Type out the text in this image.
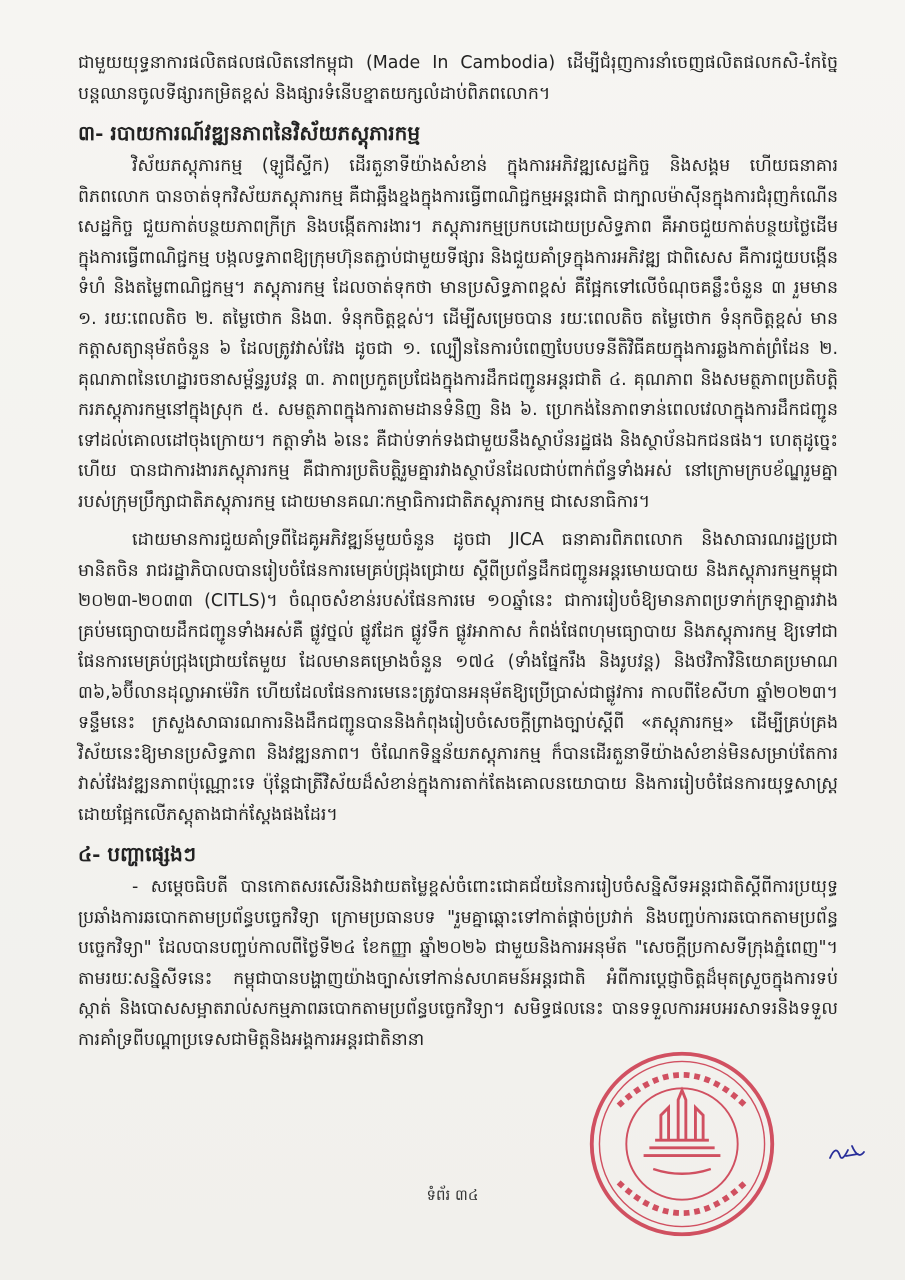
ជាមួយយុទ្ធនាការផលិតផលផលិតនៅកម្ពុជា (Made In Cambodia) ដើម្បីជំរុញការនាំចេញផលិតផលកសិ-កែច្នៃ បន្តឈានចូលទីផ្សារកម្រិតខ្ពស់ និងផ្សារទំនើបខ្នាតយក្សលំដាប់ពិភពលោក។

៣- របាយការណ៍វឌ្ឍនភាពនៃវិស័យភស្តុភារកម្ម

វិស័យភស្តុភារកម្ម (ឡូជីស្ទីក) ដើរតួនាទីយ៉ាងសំខាន់ ក្នុងការអភិវឌ្ឍសេដ្ឋកិច្ច និងសង្គម ហើយធនាគារពិភពលោក បានចាត់ទុកវិស័យភស្តុភារកម្ម គឺជាឆ្អឹងខ្នងក្នុងការធ្វើពាណិជ្ជកម្មអន្តរជាតិ ជាក្បាលម៉ាស៊ីនក្នុងការជំរុញកំណើនសេដ្ឋកិច្ច ជួយកាត់បន្ថយភាពក្រីក្រ និងបង្កើតការងារ។ ភស្តុភារកម្មប្រកបដោយប្រសិទ្ធភាព គឺអាចជួយកាត់បន្ថយថ្លៃដើមក្នុងការធ្វើពាណិជ្ជកម្ម បង្កលទ្ធភាពឱ្យក្រុមហ៊ុនតភ្ជាប់ជាមួយទីផ្សារ និងជួយគាំទ្រក្នុងការអភិវឌ្ឍ ជាពិសេស គឺការជួយបង្កើនទំហំ និងតម្លៃពាណិជ្ជកម្ម។ ភស្តុភារកម្ម ដែលចាត់ទុកថា មានប្រសិទ្ធភាពខ្ពស់ គឺផ្អែកទៅលើចំណុចគន្លឹះចំនួន ៣ រួមមាន ១. រយៈពេលតិច ២. តម្លៃថោក និង៣. ទំនុកចិត្តខ្ពស់។ ដើម្បីសម្រេចបាន រយៈពេលតិច តម្លៃថោក ទំនុកចិត្តខ្ពស់ មានកត្តាសត្យានុម័តចំនួន ៦ ដែលត្រូវវាស់វែង ដូចជា ១. ល្បឿននៃការបំពេញបែបបទនីតិវិធីគយក្នុងការឆ្លងកាត់ព្រំដែន ២. គុណភាពនៃហេដ្ឋារចនាសម្ព័ន្ធរូបវន្ត ៣. ភាពប្រកួតប្រជែងក្នុងការដឹកជញ្ជូនអន្តរជាតិ ៤. គុណភាព និងសមត្ថភាពប្រតិបត្តិករភស្តុភារកម្មនៅក្នុងស្រុក ៥. សមត្ថភាពក្នុងការតាមដានទំនិញ និង ៦. ហ្រេកង់នៃភាពទាន់ពេលវេលាក្នុងការដឹកជញ្ជូនទៅដល់គោលដៅចុងក្រោយ។ កត្តាទាំង ៦នេះ គឺជាប់ទាក់ទងជាមួយនឹងស្ថាប័នរដ្ឋផង និងស្ថាប័នឯកជនផង។ ហេតុដូច្នេះហើយ បានជាការងារភស្តុភារកម្ម គឺជាការប្រតិបត្តិរួមគ្នារវាងស្ថាប័នដែលជាប់ពាក់ព័ន្ធទាំងអស់ នៅក្រោមក្របខ័ណ្ឌរួមគ្នា របស់ក្រុមប្រឹក្សាជាតិភស្តុភារកម្ម ដោយមានគណៈកម្មាធិការជាតិភស្តុភារកម្ម ជាសេនាធិការ។

ដោយមានការជួយគាំទ្រពីដៃគូអភិវឌ្ឍន៍មួយចំនួន ដូចជា JICA ធនាគារពិភពលោក និងសាធារណរដ្ឋប្រជាមានិតចិន រាជរដ្ឋាភិបាលបានរៀបចំផែនការមេគ្រប់ជ្រុងជ្រោយ ស្តីពីប្រព័ន្ធដឹកជញ្ជូនអន្តរមោឃបាយ និងភស្តុភារកម្មកម្ពុជា ២០២៣-២០៣៣ (CITLS)។ ចំណុចសំខាន់របស់ផែនការមេ ១០ឆ្នាំនេះ ជាការរៀបចំឱ្យមានភាពប្រទាក់ក្រឡាគ្នារវាងគ្រប់មធ្យោបាយដឹកជញ្ជូនទាំងអស់គឺ ផ្លូវថ្នល់ ផ្លូវដែក ផ្លូវទឹក ផ្លូវអាកាស កំពង់ផែពហុមធ្យោបាយ និងភស្តុភារកម្ម ឱ្យទៅជាផែនការមេគ្រប់ជ្រុងជ្រោយតែមួយ ដែលមានគម្រោងចំនួន ១៧៤ (ទាំងផ្នែករឹង និងរូបវន្ត) និងថវិកាវិនិយោគប្រមាណ ៣៦,៦ប៊ីលានដុល្លាអាម៉េរិក ហើយដែលផែនការមេនេះត្រូវបានអនុម័តឱ្យប្រើប្រាស់ជាផ្លូវការ កាលពីខែសីហា ឆ្នាំ២០២៣។ ទន្ទឹមនេះ ក្រសួងសាធារណការនិងដឹកជញ្ជូនបាននិងកំពុងរៀបចំសេចក្តីព្រាងច្បាប់ស្តីពី «ភស្តុភារកម្ម» ដើម្បីគ្រប់គ្រងវិស័យនេះឱ្យមានប្រសិទ្ធភាព និងវឌ្ឍនភាព។ ចំណែកទិន្នន័យភស្តុភារកម្ម ក៏បានដើរតួនាទីយ៉ាងសំខាន់មិនសម្រាប់តែការវាស់វែងវឌ្ឍនភាពប៉ុណ្ណោះទេ ប៉ុន្តែជាត្រីវិស័យដ៏សំខាន់ក្នុងការតាក់តែងគោលនយោបាយ និងការរៀបចំផែនការយុទ្ធសាស្ត្រ ដោយផ្អែកលើភស្តុតាងជាក់ស្តែងផងដែរ។

៤- បញ្ហាផ្សេងៗ

- សម្តេចធិបតី បានកោតសរសើរនិងវាយតម្លៃខ្ពស់ចំពោះជោគជ័យនៃការរៀបចំសន្និសីទអន្តរជាតិស្តីពីការប្រយុទ្ធប្រឆាំងការឆបោកតាមប្រព័ន្ធបច្ចេកវិទ្យា ក្រោមប្រធានបទ "រួមគ្នាឆ្ពោះទៅកាត់ផ្តាច់ប្រវាក់ និងបញ្ចប់ការឆបោកតាមប្រព័ន្ធបច្ចេកវិទ្យា" ដែលបានបញ្ចប់កាលពីថ្ងៃទី២៤ ខែកញ្ញា ឆ្នាំ២០២៦ ជាមួយនិងការអនុម័ត "សេចក្តីប្រកាសទីក្រុងភ្នំពេញ"។ តាមរយៈសន្និសីទនេះ កម្ពុជាបានបង្ហាញយ៉ាងច្បាស់ទៅកាន់សហគមន៍អន្តរជាតិ អំពីការប្តេជ្ញាចិត្តដ៏មុតស្រួចក្នុងការទប់ស្កាត់ និងបោសសម្អាតរាល់សកម្មភាពឆបោកតាមប្រព័ន្ធបច្ចេកវិទ្យា។ សមិទ្ធផលនេះ បានទទួលការអបអរសាទរនិងទទួលការគាំទ្រពីបណ្តាប្រទេសជាមិត្តនិងអង្គការអន្តរជាតិនានា

ទំព័រ ៣៤
